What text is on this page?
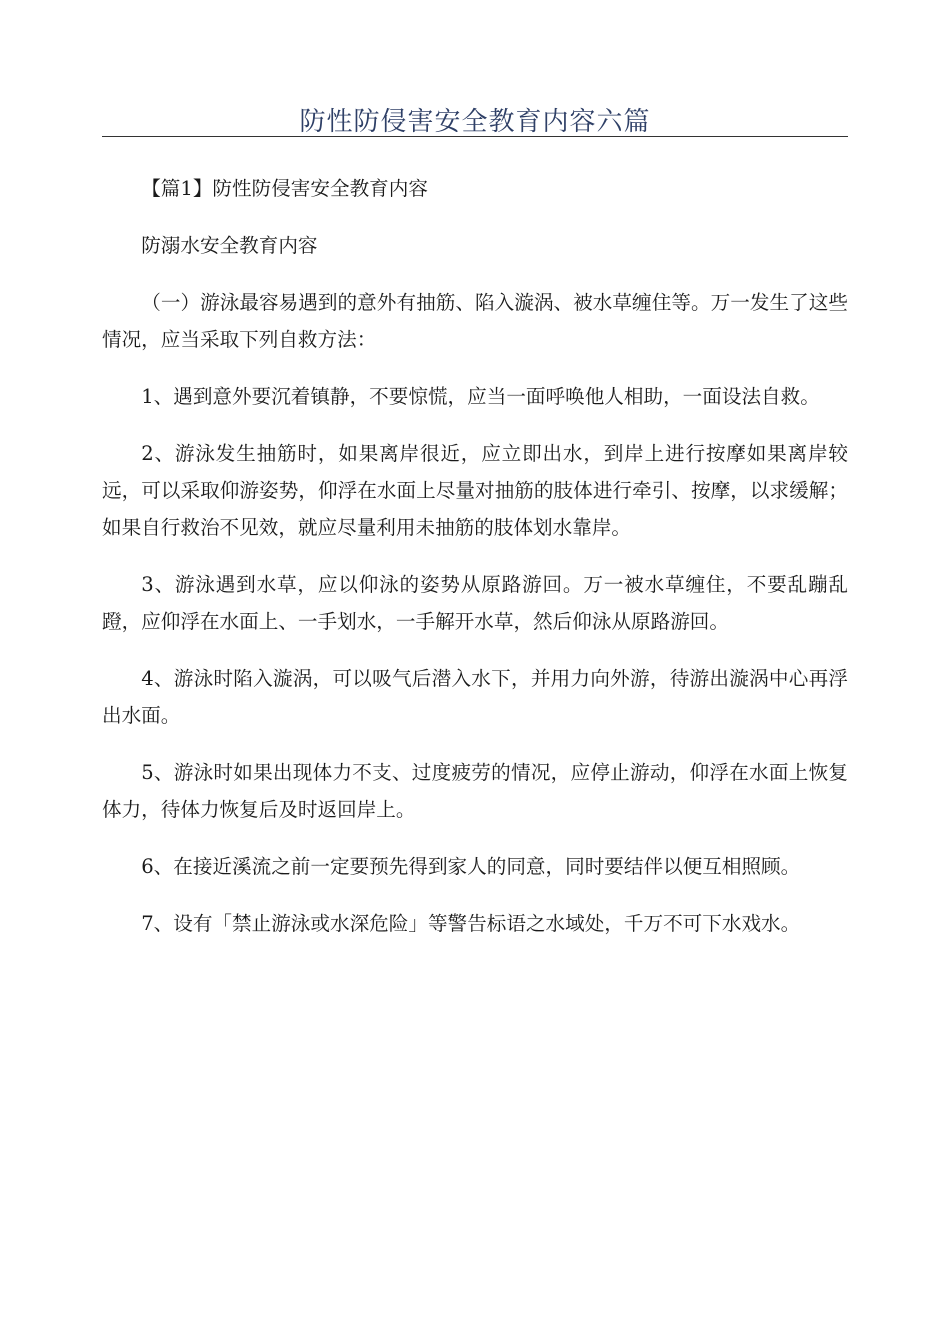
防性防侵害安全教育内容六篇

【篇1】防性防侵害安全教育内容

防溺水安全教育内容

（一）游泳最容易遇到的意外有抽筋、陷入漩涡、被水草缠住等。万一发生了这些情况，应当采取下列自救方法：

1、遇到意外要沉着镇静，不要惊慌，应当一面呼唤他人相助，一面设法自救。

2、游泳发生抽筋时，如果离岸很近，应立即出水，到岸上进行按摩如果离岸较远，可以采取仰游姿势，仰浮在水面上尽量对抽筋的肢体进行牵引、按摩，以求缓解；如果自行救治不见效，就应尽量利用未抽筋的肢体划水靠岸。

3、游泳遇到水草，应以仰泳的姿势从原路游回。万一被水草缠住，不要乱蹦乱蹬，应仰浮在水面上、一手划水，一手解开水草，然后仰泳从原路游回。

4、游泳时陷入漩涡，可以吸气后潜入水下，并用力向外游，待游出漩涡中心再浮出水面。

5、游泳时如果出现体力不支、过度疲劳的情况，应停止游动，仰浮在水面上恢复体力，待体力恢复后及时返回岸上。

6、在接近溪流之前一定要预先得到家人的同意，同时要结伴以便互相照顾。

7、设有「禁止游泳或水深危险」等警告标语之水域处，千万不可下水戏水。
